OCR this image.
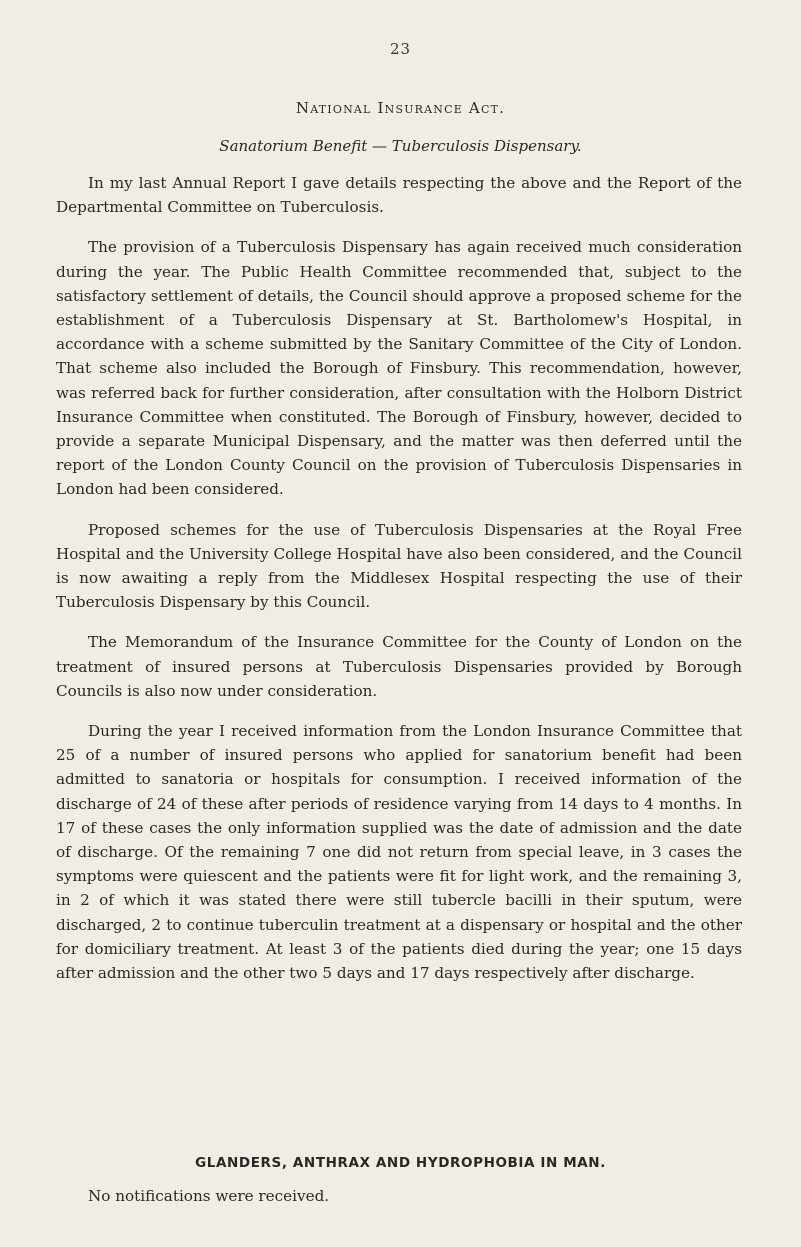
23
National Insurance Act.
Sanatorium Benefit — Tuberculosis Dispensary.

In my last Annual Report I gave details respecting the above and the Report of the Departmental Committee on Tuberculosis.

The provision of a Tuberculosis Dispensary has again received much consideration during the year. The Public Health Committee recommended that, subject to the satisfactory settlement of details, the Council should approve a proposed scheme for the establishment of a Tuberculosis Dispensary at St. Bartholomew's Hospital, in accordance with a scheme submitted by the Sanitary Committee of the City of London. That scheme also included the Borough of Finsbury. This recommendation, however, was referred back for further consideration, after consultation with the Holborn District Insurance Committee when constituted. The Borough of Finsbury, however, decided to provide a separate Municipal Dispensary, and the matter was then deferred until the report of the London County Council on the provision of Tuberculosis Dispensaries in London had been considered.

Proposed schemes for the use of Tuberculosis Dispensaries at the Royal Free Hospital and the University College Hospital have also been considered, and the Council is now awaiting a reply from the Middlesex Hospital respecting the use of their Tuberculosis Dispensary by this Council.

The Memorandum of the Insurance Committee for the County of London on the treatment of insured persons at Tuberculosis Dispensaries provided by Borough Councils is also now under consideration.

During the year I received information from the London Insurance Committee that 25 of a number of insured persons who applied for sanatorium benefit had been admitted to sanatoria or hospitals for consumption. I received information of the discharge of 24 of these after periods of residence varying from 14 days to 4 months. In 17 of these cases the only information supplied was the date of admission and the date of discharge. Of the remaining 7 one did not return from special leave, in 3 cases the symptoms were quiescent and the patients were fit for light work, and the remaining 3, in 2 of which it was stated there were still tubercle bacilli in their sputum, were discharged, 2 to continue tuberculin treatment at a dispensary or hospital and the other for domiciliary treatment. At least 3 of the patients died during the year; one 15 days after admission and the other two 5 days and 17 days respectively after discharge.

GLANDERS, ANTHRAX AND HYDROPHOBIA IN MAN.
No notifications were received.
